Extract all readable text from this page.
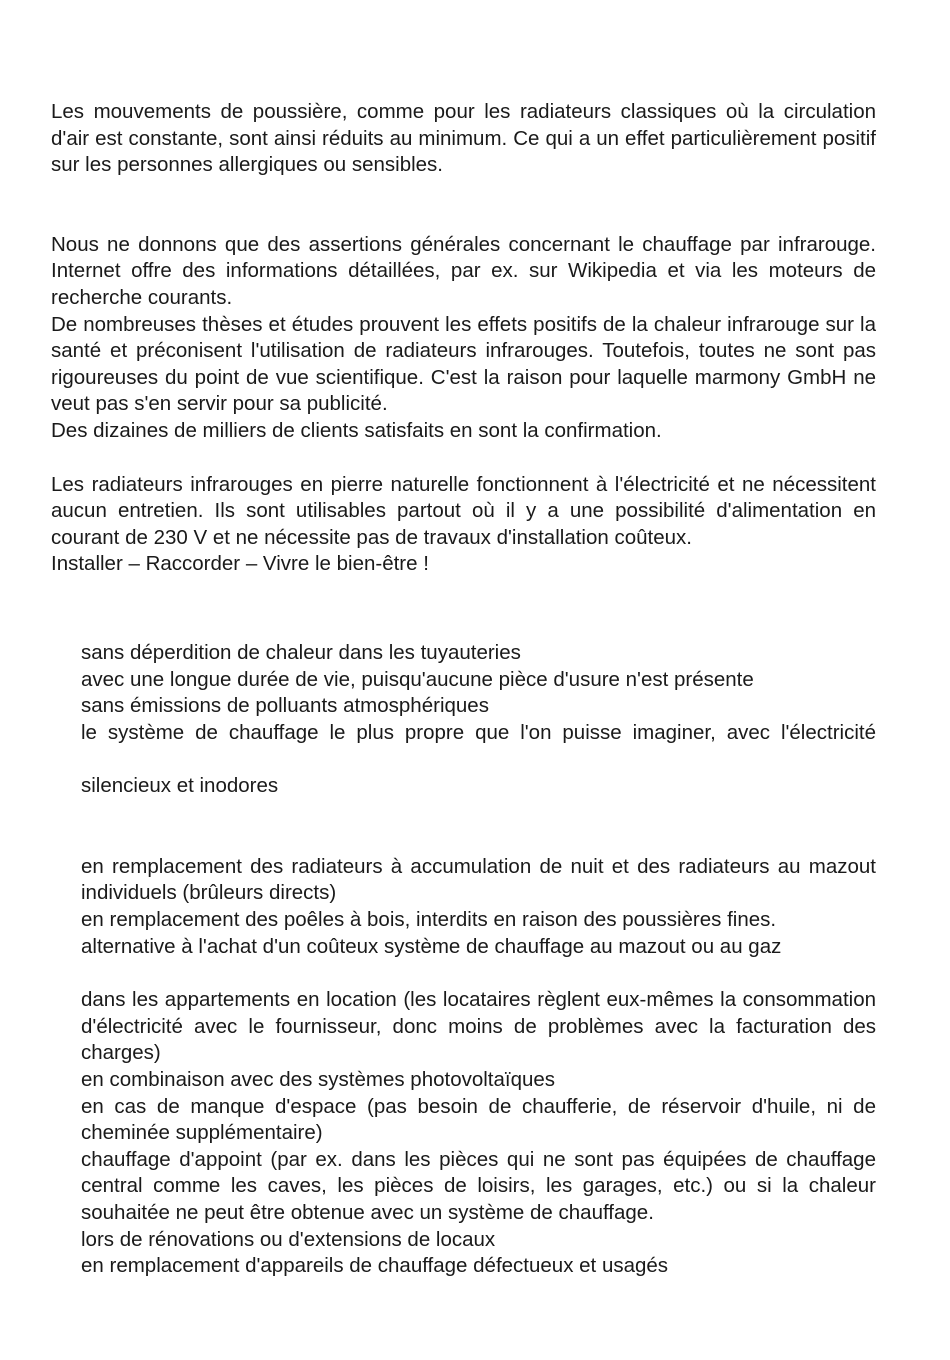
Les mouvements de poussière, comme pour les radiateurs classiques où la circulation d'air est constante, sont ainsi réduits au minimum. Ce qui a un effet particulièrement positif sur les personnes allergiques ou sensibles.

Nous ne donnons que des assertions générales concernant le chauffage par infrarouge. Internet offre des informations détaillées, par ex. sur Wikipedia et via les moteurs de recherche courants.

De nombreuses thèses et études prouvent les effets positifs de la chaleur infrarouge sur la santé et préconisent l'utilisation de radiateurs infrarouges. Toutefois, toutes ne sont pas rigoureuses du point de vue scientifique. C'est la raison pour laquelle marmony GmbH ne veut pas s'en servir pour sa publicité.

Des dizaines de milliers de clients satisfaits en sont la confirmation.

Les radiateurs infrarouges en pierre naturelle fonctionnent à l'électricité et ne nécessitent aucun entretien. Ils sont utilisables partout où il y a une possibilité d'alimentation en courant de 230 V et ne nécessite pas de travaux d'installation coûteux.

Installer – Raccorder – Vivre le bien-être !

sans déperdition de chaleur dans les tuyauteries
avec une longue durée de vie, puisqu'aucune pièce d'usure n'est présente
sans émissions de polluants atmosphériques
le système de chauffage le plus propre que l'on puisse imaginer, avec l'électricité
silencieux et inodores
en remplacement des radiateurs à accumulation de nuit et des radiateurs au mazout individuels (brûleurs directs)
en remplacement des poêles à bois, interdits en raison des poussières fines.
alternative à l'achat d'un coûteux système de chauffage au mazout ou au gaz
dans les appartements en location (les locataires règlent eux-mêmes la consommation d'électricité avec le fournisseur, donc moins de problèmes avec la facturation des charges)
en combinaison avec des systèmes photovoltaïques
en cas de manque d'espace (pas besoin de chaufferie, de réservoir d'huile, ni de cheminée supplémentaire)
chauffage d'appoint (par ex. dans les pièces qui ne sont pas équipées de chauffage central comme les caves, les pièces de loisirs, les garages, etc.) ou si la chaleur souhaitée ne peut être obtenue avec un système de chauffage.
lors de rénovations ou d'extensions de locaux
en remplacement d'appareils de chauffage défectueux et usagés
